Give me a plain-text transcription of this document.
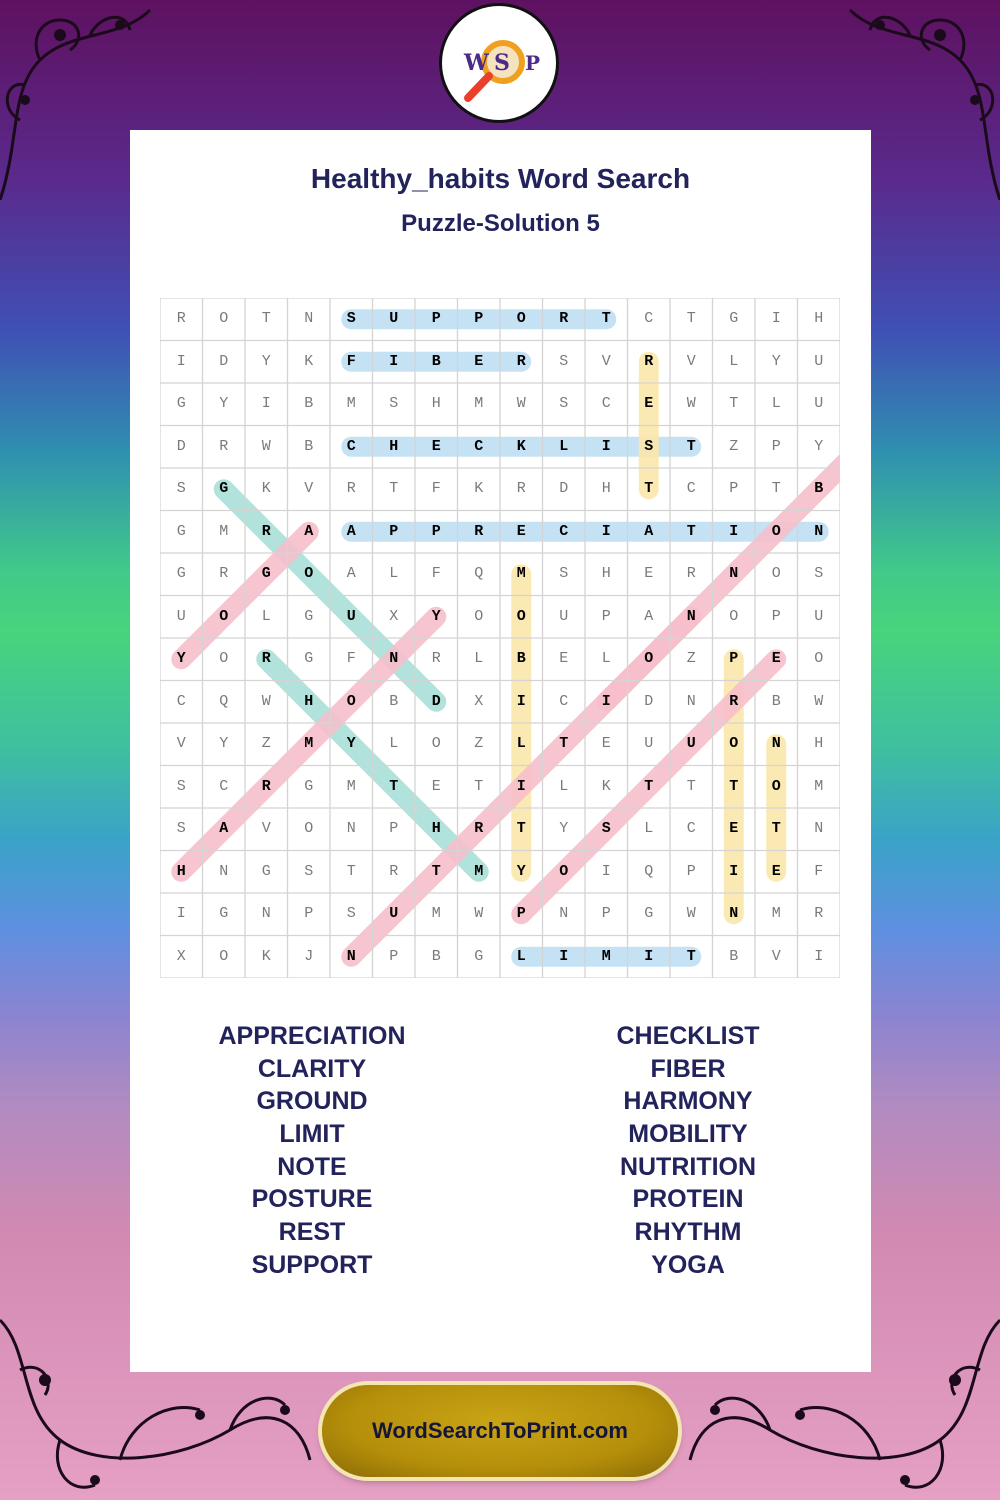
W S P
Healthy_habits Word Search
Puzzle-Solution 5
R	O	T	N	S	U	P	P	O	R	T	C	T	G	I	H
I	D	Y	K	F	I	B	E	R	S	V	R	V	L	Y	U
G	Y	I	B	M	S	H	M	W	S	C	E	W	T	L	U
D	R	W	B	C	H	E	C	K	L	I	S	T	Z	P	Y
S	G	K	V	R	T	F	K	R	D	H	T	C	P	T	B
G	M	R	A	A	P	P	R	E	C	I	A	T	I	O	N
G	R	G	O	A	L	F	Q	M	S	H	E	R	N	O	S
U	O	L	G	U	X	Y	O	O	U	P	A	N	O	P	U
Y	O	R	G	F	N	R	L	B	E	L	O	Z	P	E	O
C	Q	W	H	O	B	D	X	I	C	I	D	N	R	B	W
V	Y	Z	M	Y	L	O	Z	L	T	E	U	U	O	N	H
S	C	R	G	M	T	E	T	I	L	K	T	T	T	O	M
S	A	V	O	N	P	H	R	T	Y	S	L	C	E	T	N
H	N	G	S	T	R	T	M	Y	O	I	Q	P	I	E	F
I	G	N	P	S	U	M	W	P	N	P	G	W	N	M	R
X	O	K	J	N	P	B	G	L	I	M	I	T	B	V	I
APPRECIATION
CLARITY
GROUND
LIMIT
NOTE
POSTURE
REST
SUPPORT
CHECKLIST
FIBER
HARMONY
MOBILITY
NUTRITION
PROTEIN
RHYTHM
YOGA
WordSearchToPrint.com
